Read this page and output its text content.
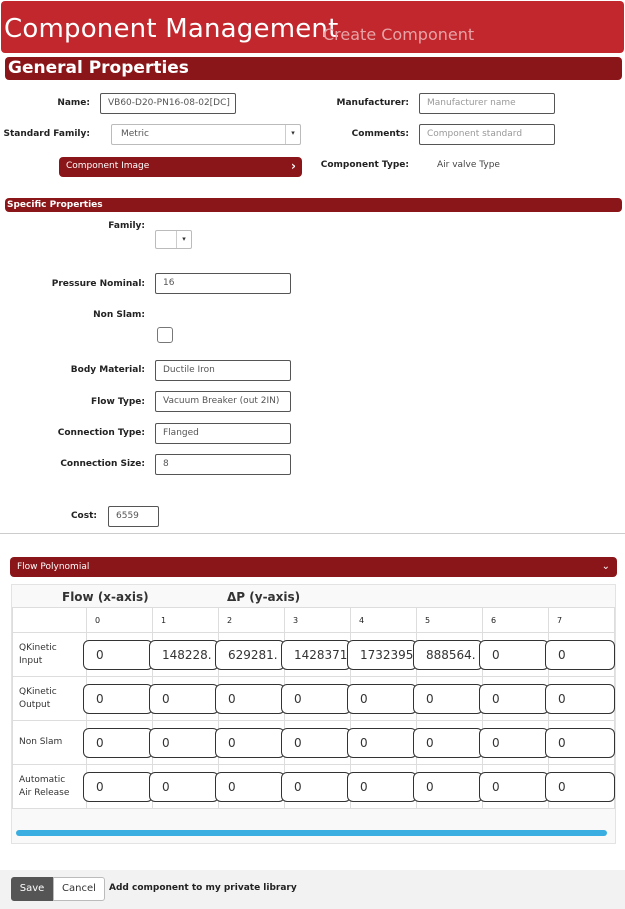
Component Management
Create Component
General Properties
Name:	VB60-D20-PN16-08-02[DC]	Manufacturer:	Manufacturer name
Standard Family:	Metric	▾	Comments:	Component standard
Component Image	›	Component Type:	Air valve Type
Specific Properties
Family:
▾
Pressure Nominal:	16
Non Slam:
Body Material:	Ductile Iron
Flow Type:	Vacuum Breaker (out 2IN)
Connection Type:	Flanged
Connection Size:	8
Cost:	6559
Flow Polynomial	⌄
Flow (x-axis)	ΔP (y-axis)
	0	1	2	3	4	5	6	7
QKinetic Input	0	148228.	629281.	1428371	1732395	888564.	0	0

QKinetic Output	0	0	0	0	0	0	0	0

Non Slam	0	0	0	0	0	0	0	0

Automatic Air Release	0	0	0	0	0	0	0	0
Save	Cancel	Add component to my private library
